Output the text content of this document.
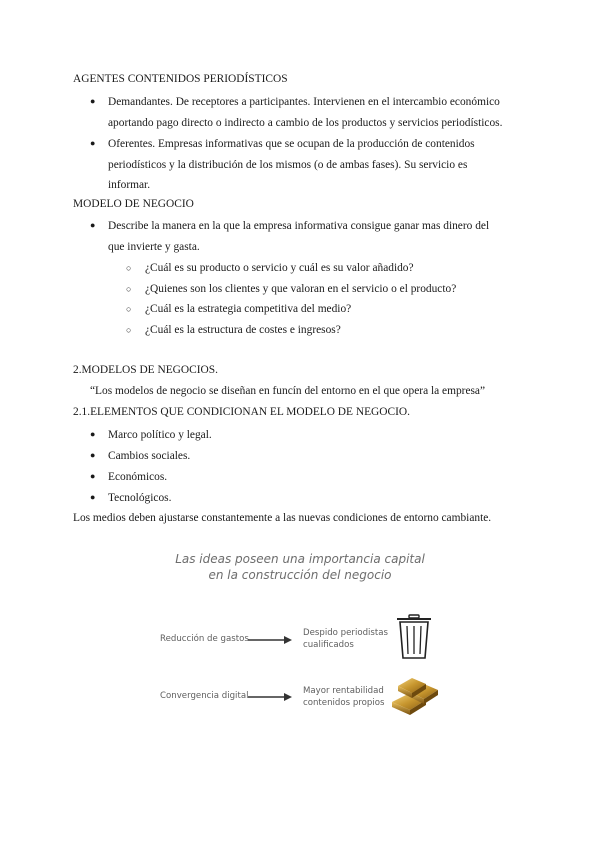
AGENTES CONTENIDOS PERIODÍSTICOS
● Demandantes. De receptores a participantes. Intervienen en el intercambio económico
aportando pago directo o indirecto a cambio de los productos y servicios periodísticos.
● Oferentes. Empresas informativas que se ocupan de la producción de contenidos
periodísticos y la distribución de los mismos (o de ambas fases). Su servicio es
informar.
MODELO DE NEGOCIO
● Describe la manera en la que la empresa informativa consigue ganar mas dinero del
que invierte y gasta.
○ ¿Cuál es su producto o servicio y cuál es su valor añadido?
○ ¿Quienes son los clientes y que valoran en el servicio o el producto?
○ ¿Cuál es la estrategia competitiva del medio?
○ ¿Cuál es la estructura de costes e ingresos?
2.MODELOS DE NEGOCIOS.
“Los modelos de negocio se diseñan en funcín del entorno en el que opera la empresa”
2.1.ELEMENTOS QUE CONDICIONAN EL MODELO DE NEGOCIO.
● Marco político y legal.
● Cambios sociales.
● Económicos.
● Tecnológicos.
Los medios deben ajustarse constantemente a las nuevas condiciones de entorno cambiante.
Las ideas poseen una importancia capital
en la construcción del negocio
Reducción de gastos
Despido periodistas
cualificados
Convergencia digital	Mayor rentabilidad
contenidos propios
